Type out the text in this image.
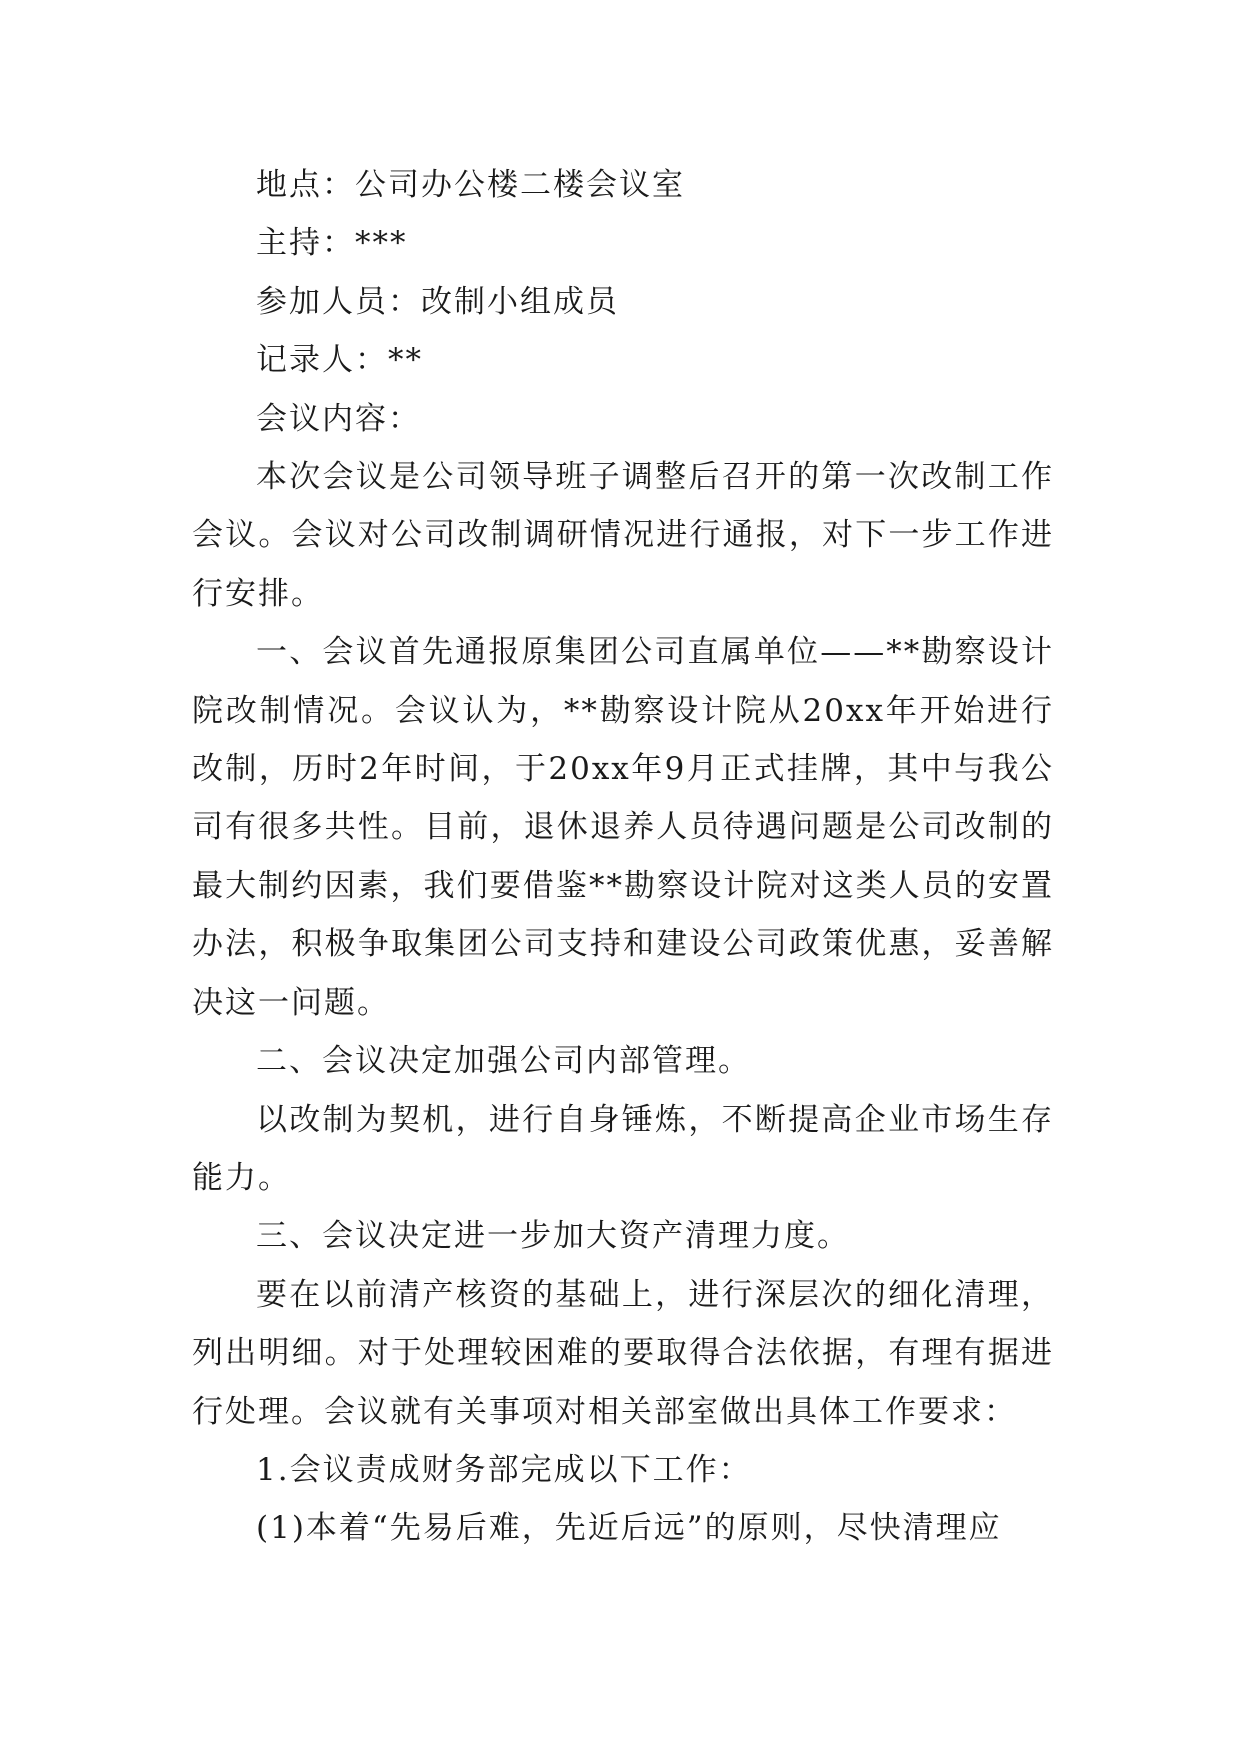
地点：公司办公楼二楼会议室

主持：***

参加人员：改制小组成员

记录人：**

会议内容：

本次会议是公司领导班子调整后召开的第一次改制工作会议。会议对公司改制调研情况进行通报，对下一步工作进行安排。

一、会议首先通报原集团公司直属单位——**勘察设计院改制情况。会议认为，**勘察设计院从20xx年开始进行改制，历时2年时间，于20xx年9月正式挂牌，其中与我公司有很多共性。目前，退休退养人员待遇问题是公司改制的最大制约因素，我们要借鉴**勘察设计院对这类人员的安置办法，积极争取集团公司支持和建设公司政策优惠，妥善解决这一问题。

二、会议决定加强公司内部管理。

以改制为契机，进行自身锤炼，不断提高企业市场生存能力。

三、会议决定进一步加大资产清理力度。

要在以前清产核资的基础上，进行深层次的细化清理，列出明细。对于处理较困难的要取得合法依据，有理有据进行处理。会议就有关事项对相关部室做出具体工作要求：

1.会议责成财务部完成以下工作：

(1)本着“先易后难，先近后远”的原则，尽快清理应
